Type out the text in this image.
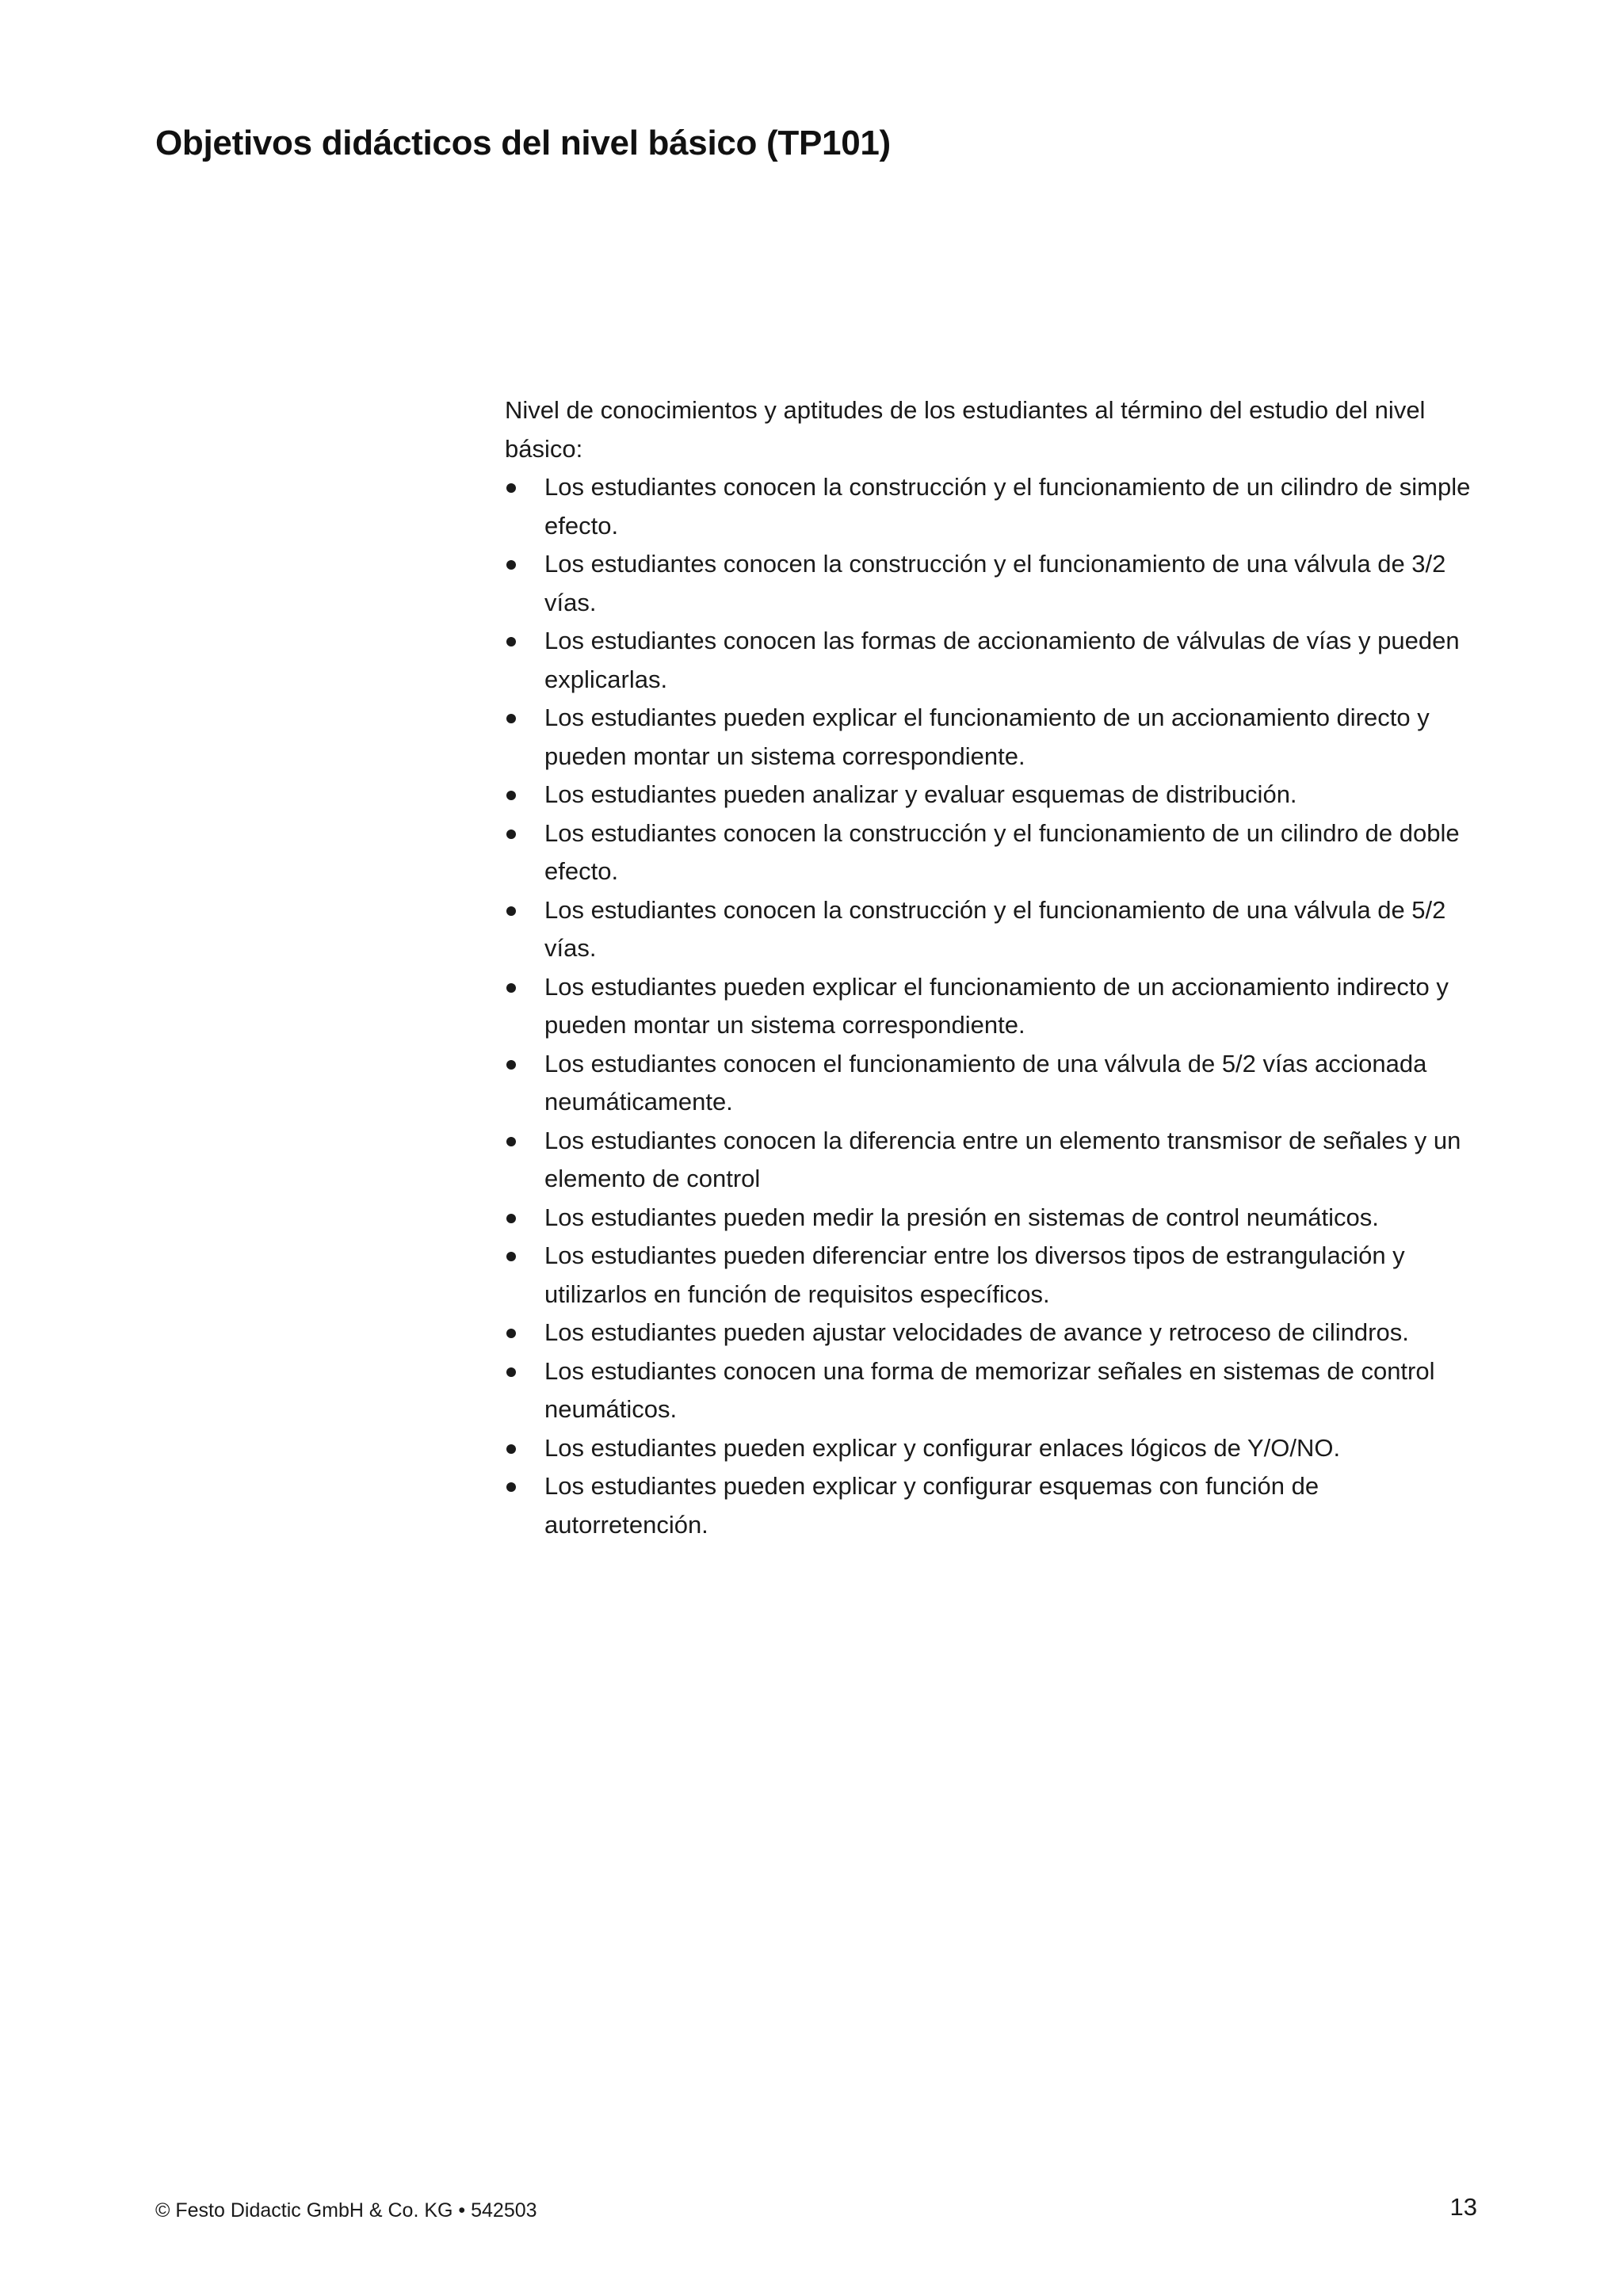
Objetivos didácticos del nivel básico (TP101)

Nivel de conocimientos y aptitudes de los estudiantes al término del estudio del nivel básico:

Los estudiantes conocen la construcción y el funcionamiento de un cilindro de simple efecto.
Los estudiantes conocen la construcción y el funcionamiento de una válvula de 3/2 vías.
Los estudiantes conocen las formas de accionamiento de válvulas de vías y pueden explicarlas.
Los estudiantes pueden explicar el funcionamiento de un accionamiento directo y pueden montar un sistema correspondiente.
Los estudiantes pueden analizar y evaluar esquemas de distribución.
Los estudiantes conocen la construcción y el funcionamiento de un cilindro de doble efecto.
Los estudiantes conocen la construcción y el funcionamiento de una válvula de 5/2 vías.
Los estudiantes pueden explicar el funcionamiento de un accionamiento indirecto y pueden montar un sistema correspondiente.
Los estudiantes conocen el funcionamiento de una válvula de 5/2 vías accionada neumáticamente.
Los estudiantes conocen la diferencia entre un elemento transmisor de señales y un elemento de control
Los estudiantes pueden medir la presión en sistemas de control neumáticos.
Los estudiantes pueden diferenciar entre los diversos tipos de estrangulación y utilizarlos en función de requisitos específicos.
Los estudiantes pueden ajustar velocidades de avance y retroceso de cilindros.
Los estudiantes conocen una forma de memorizar señales en sistemas de control neumáticos.
Los estudiantes pueden explicar y configurar enlaces lógicos de Y/O/NO.
Los estudiantes pueden explicar y configurar esquemas con función de autorretención.
© Festo Didactic GmbH & Co. KG • 542503	13
